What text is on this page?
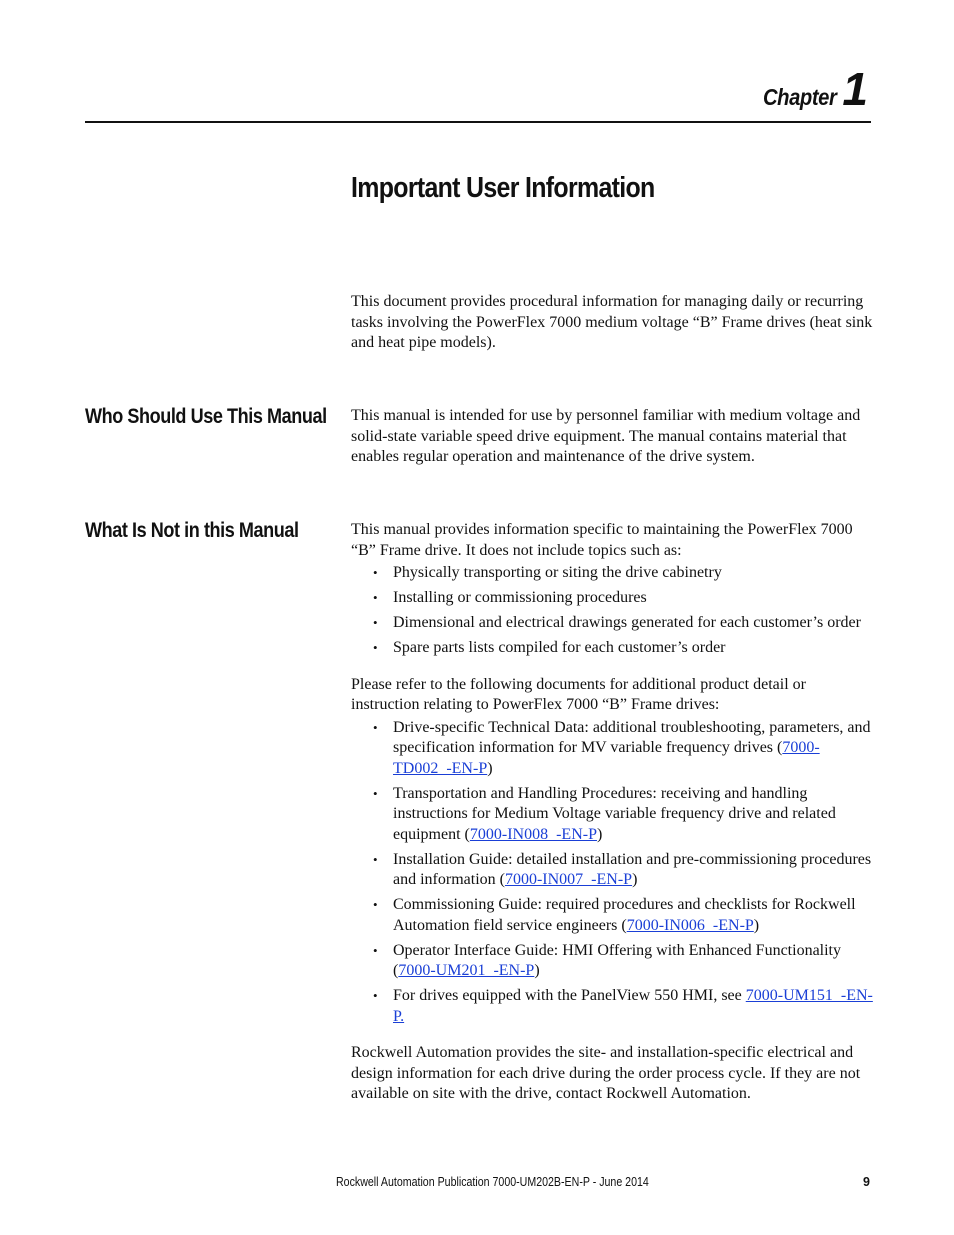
Chapter 1
Important User Information

This document provides procedural information for managing daily or recurring tasks involving the PowerFlex 7000 medium voltage “B” Frame drives (heat sink and heat pipe models).

Who Should Use This Manual This manual is intended for use by personnel familiar with medium voltage and solid-state variable speed drive equipment. The manual contains material that enables regular operation and maintenance of the drive system.

What Is Not in this Manual	This manual provides information specific to maintaining the PowerFlex 7000 “B” Frame drive. It does not include topics such as:

• Physically transporting or siting the drive cabinetry
• Installing or commissioning procedures
• Dimensional and electrical drawings generated for each customer’s order
• Spare parts lists compiled for each customer’s order

Please refer to the following documents for additional product detail or instruction relating to PowerFlex 7000 “B” Frame drives:

• Drive-specific Technical Data: additional troubleshooting, parameters, and specification information for MV variable frequency drives (7000-TD002_-EN-P)
• Transportation and Handling Procedures: receiving and handling instructions for Medium Voltage variable frequency drive and related equipment (7000-IN008_-EN-P)
• Installation Guide: detailed installation and pre-commissioning procedures and information (7000-IN007_-EN-P)
• Commissioning Guide: required procedures and checklists for Rockwell Automation field service engineers (7000-IN006_-EN-P)
• Operator Interface Guide: HMI Offering with Enhanced Functionality (7000-UM201_-EN-P)
• For drives equipped with the PanelView 550 HMI, see 7000-UM151_-EN-P.

Rockwell Automation provides the site- and installation-specific electrical and design information for each drive during the order process cycle. If they are not available on site with the drive, contact Rockwell Automation.

Rockwell Automation Publication 7000-UM202B-EN-P - June 2014	9
